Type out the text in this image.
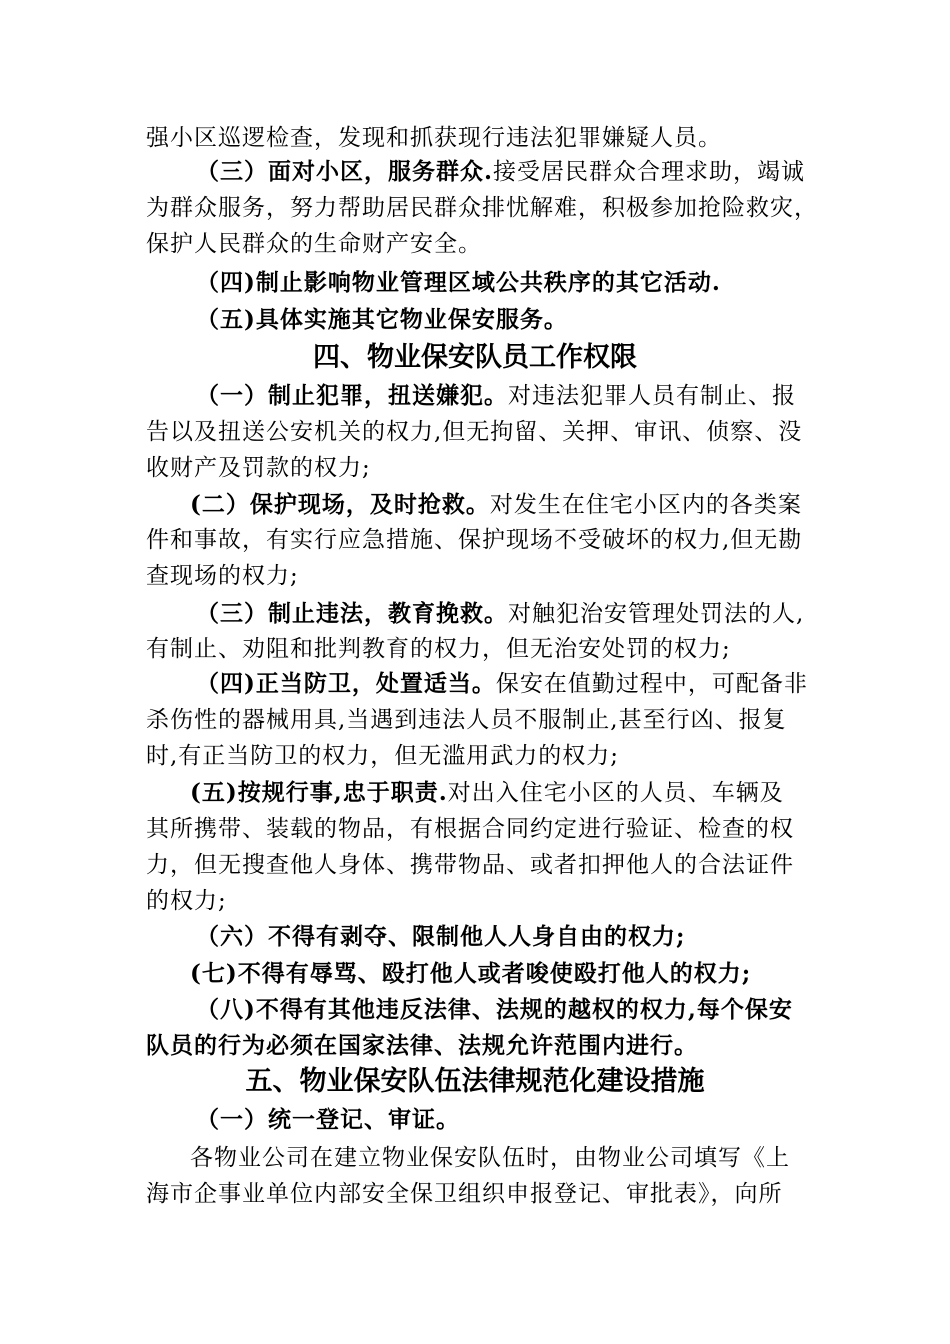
强小区巡逻检查，发现和抓获现行违法犯罪嫌疑人员。
（三）面对小区，服务群众.接受居民群众合理求助，竭诚
为群众服务，努力帮助居民群众排忧解难，积极参加抢险救灾，
保护人民群众的生命财产安全。
（四)制止影响物业管理区域公共秩序的其它活动.
（五)具体实施其它物业保安服务。
四、物业保安队员工作权限
（一）制止犯罪，扭送嫌犯。对违法犯罪人员有制止、报
告以及扭送公安机关的权力,但无拘留、关押、审讯、侦察、没
收财产及罚款的权力;
(二）保护现场，及时抢救。对发生在住宅小区内的各类案
件和事故，有实行应急措施、保护现场不受破坏的权力,但无勘
查现场的权力;
（三）制止违法，教育挽救。对触犯治安管理处罚法的人,
有制止、劝阻和批判教育的权力，但无治安处罚的权力;
（四)正当防卫，处置适当。保安在值勤过程中，可配备非
杀伤性的器械用具,当遇到违法人员不服制止,甚至行凶、报复
时,有正当防卫的权力，但无滥用武力的权力;
(五)按规行事,忠于职责.对出入住宅小区的人员、车辆及
其所携带、装载的物品，有根据合同约定进行验证、检查的权
力，但无搜查他人身体、携带物品、或者扣押他人的合法证件
的权力;
（六）不得有剥夺、限制他人人身自由的权力;
(七)不得有辱骂、殴打他人或者唆使殴打他人的权力;
（八)不得有其他违反法律、法规的越权的权力,每个保安
队员的行为必须在国家法律、法规允许范围内进行。
五、物业保安队伍法律规范化建设措施
（一）统一登记、审证。
各物业公司在建立物业保安队伍时，由物业公司填写《上
海市企事业单位内部安全保卫组织申报登记、审批表》，向所
